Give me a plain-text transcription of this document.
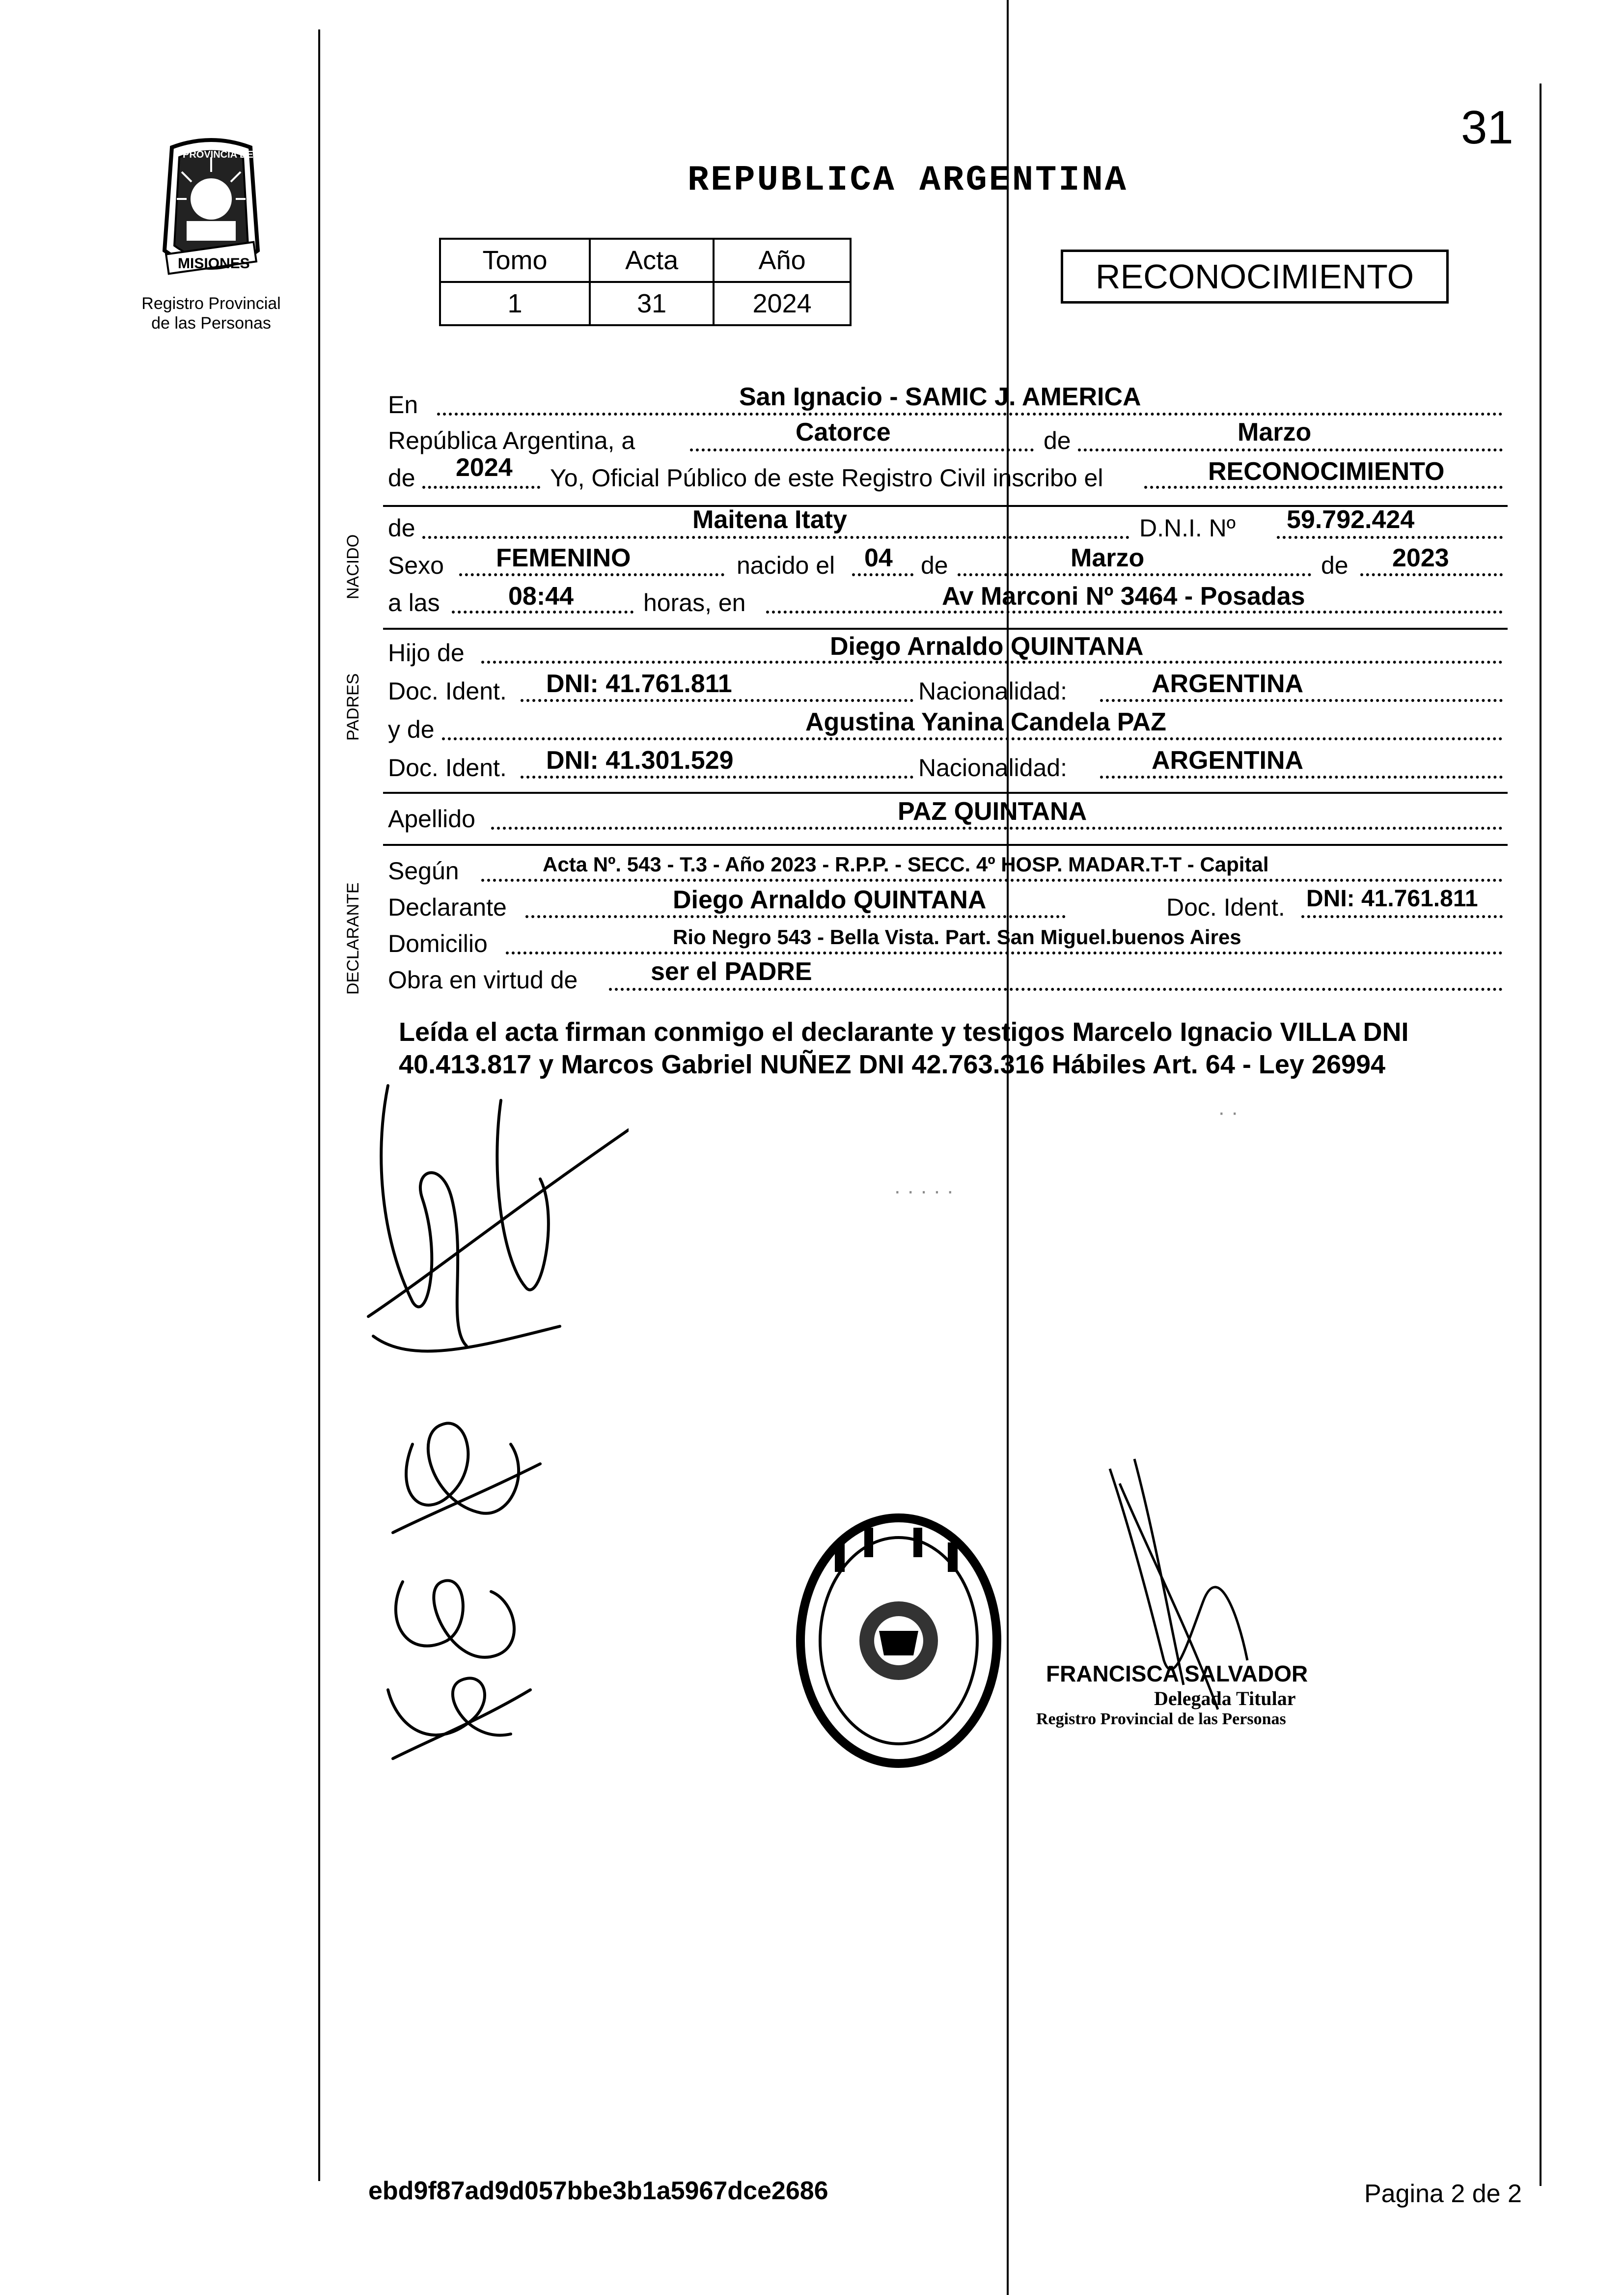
31
PROVINCIA DE
MISIONES
Registro Provincial
de las Personas
REPUBLICA ARGENTINA
Tomo	Acta	Año
1	31	2024
RECONOCIMIENTO
NACIDO
PADRES
DECLARANTE
En	San Ignacio - SAMIC J. AMERICA
República Argentina, a	Catorce	de	Marzo
de 2024 Yo, Oficial Público de este Registro Civil inscribo el	RECONOCIMIENTO
de	Maitena Itaty	D.N.I. Nº 59.792.424
Sexo FEMENINO	nacido el 04 de	Marzo	de 2023
a las	08:44	horas, en	Av Marconi Nº 3464 - Posadas
Hijo de	Diego Arnaldo QUINTANA
Doc. Ident. DNI: 41.761.811	Nacionalidad:	ARGENTINA
y de	Agustina Yanina Candela PAZ
Doc. Ident. DNI: 41.301.529	Nacionalidad:	ARGENTINA
Apellido	PAZ QUINTANA
Según	Acta Nº. 543 - T.3 - Año 2023 - R.P.P. - SECC. 4º HOSP. MADAR.T-T - Capital
Declarante	Diego Arnaldo QUINTANA	Doc. Ident. DNI: 41.761.811
Domicilio	Rio Negro 543 - Bella Vista. Part. San Miguel.buenos Aires
Obra en virtud de	ser el PADRE
Leída el acta firman conmigo el declarante y testigos Marcelo Ignacio VILLA DNI 40.413.817 y Marcos Gabriel NUÑEZ DNI 42.763.316 Hábiles Art. 64 - Ley 26994
· · · · ·
· ·
FRANCISCA SALVADOR
Delegada Titular
Registro Provincial de las Personas
ebd9f87ad9d057bbe3b1a5967dce2686	Pagina 2 de 2
